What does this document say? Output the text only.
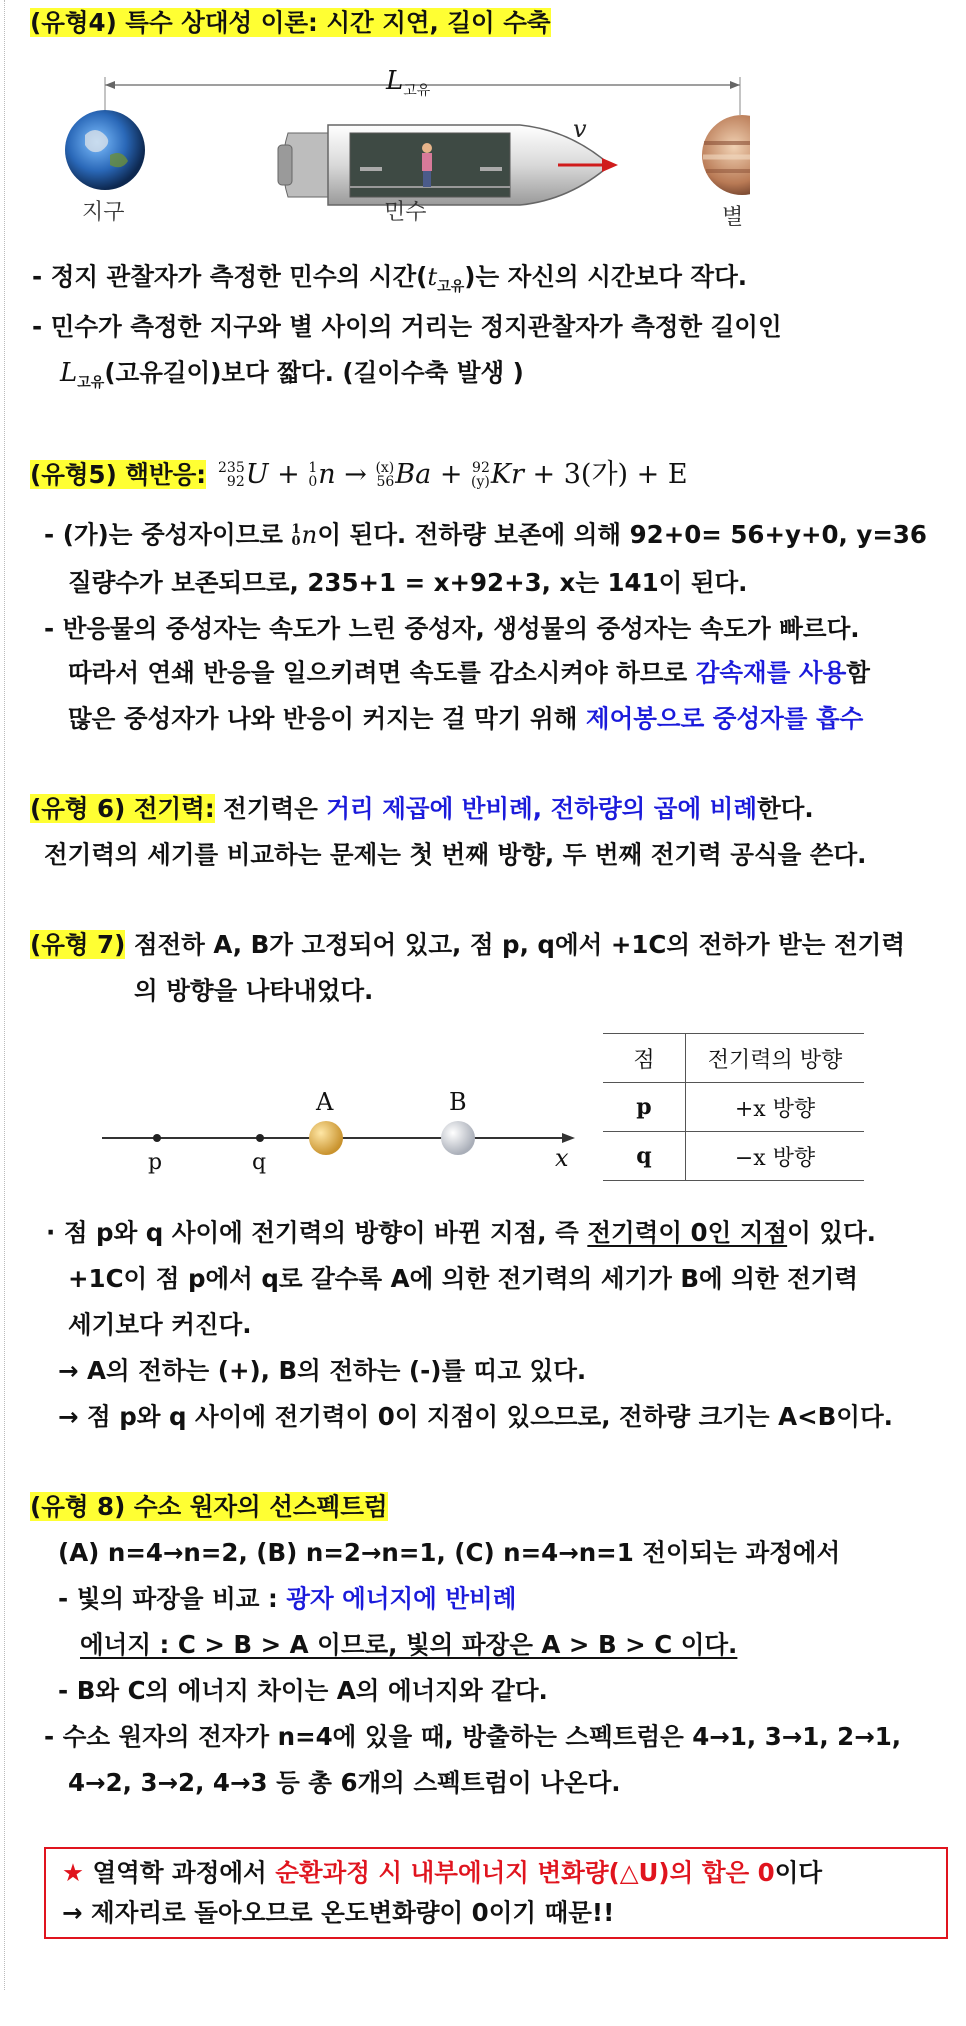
(유형4) 특수 상대성 이론: 시간 지연, 길이 수축
$L_{고유}$
v
지구	민수	별
- 정지 관찰자가 측정한 민수의 시간$(t_{고유})$는 자신의 시간보다 작다.
- 민수가 측정한 지구와 별 사이의 거리는 정지관찰자가 측정한 길이인
$L_{고유}$(고유길이)보다 짧다. (길이수축 발생 )
(유형5) 핵반응: 235
92U + 1
0n → (x)
56Ba + 92
(y)Kr + 3(가) + E
- (가)는 중성자이므로 1
0n이 된다. 전하량 보존에 의해 92+0= 56+y+0, y=36
질량수가 보존되므로, 235+1 = x+92+3, x는 141이 된다.
- 반응물의 중성자는 속도가 느린 중성자, 생성물의 중성자는 속도가 빠르다.
따라서 연쇄 반응을 일으키려면 속도를 감소시켜야 하므로 감속재를 사용함
많은 중성자가 나와 반응이 커지는 걸 막기 위해 제어봉으로 중성자를 흡수
(유형 6) 전기력: 전기력은 거리 제곱에 반비례, 전하량의 곱에 비례한다.
전기력의 세기를 비교하는 문제는 첫 번째 방향, 두 번째 전기력 공식을 쓴다.
(유형 7) 점전하 A, B가 고정되어 있고, 점 p, q에서 +1C의 전하가 받는 전기력
의 방향을 나타내었다.
p	q
A	B
x
점	전기력의 방향
p	+x 방향
q	−x 방향
· 점 p와 q 사이에 전기력의 방향이 바뀐 지점, 즉 전기력이 0인 지점이 있다.
+1C이 점 p에서 q로 갈수록 A에 의한 전기력의 세기가 B에 의한 전기력
세기보다 커진다.
→ A의 전하는 (+), B의 전하는 (-)를 띠고 있다.
→ 점 p와 q 사이에 전기력이 0이 지점이 있으므로, 전하량 크기는 A<B이다.
(유형 8) 수소 원자의 선스펙트럼
(A) n=4→n=2, (B) n=2→n=1, (C) n=4→n=1 전이되는 과정에서
- 빛의 파장을 비교 : 광자 에너지에 반비례
에너지 : C > B > A 이므로, 빛의 파장은 A > B > C 이다.
- B와 C의 에너지 차이는 A의 에너지와 같다.
- 수소 원자의 전자가 n=4에 있을 때, 방출하는 스펙트럼은 4→1, 3→1, 2→1,
4→2, 3→2, 4→3 등 총 6개의 스펙트럼이 나온다.
★ 열역학 과정에서 순환과정 시 내부에너지 변화량(△U)의 합은 0이다
→ 제자리로 돌아오므로 온도변화량이 0이기 때문!!
